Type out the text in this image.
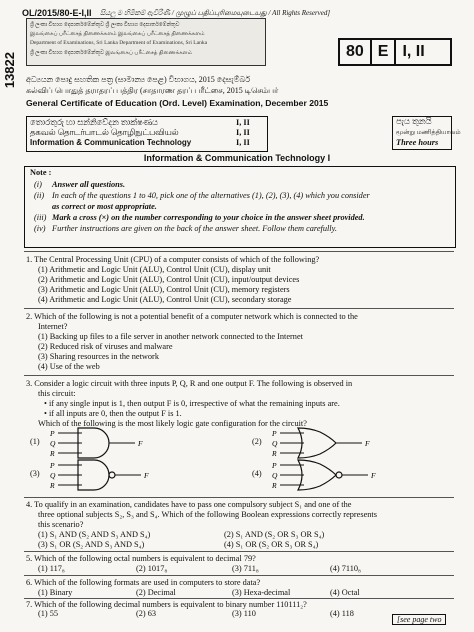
OL/2015/80-E-I,II සියලු ම හිමිකම් ඇවිරිණි / முழுப் பதிப்புரிமையுடையது / All Rights Reserved]
13822
ශ්‍රී ලංකා විභාග දෙපාර්තමේන්තුව ශ්‍රී ලංකා විභාග දෙපාර්තමේන්තුව
இலங்கைப் பரீட்சைத் திணைக்களம் இலங்கைப் பரீட்சைத் திணைக்களம்
Department of Examinations, Sri Lanka Department of Examinations, Sri Lanka
ශ්‍රී ලංකා විභාග දෙපාර්තමේන්තුව இலங்கைப் பரீட்சைத் திணைக்களம்	80 E I, II
අධ්‍යයන පොදු සහතික පත්‍ර (සාමාන්‍ය පෙළ) විභාගය, 2015 දෙසැම්බර්
கல்விப் பொதுத் தராதரப் பத்திர (சாதாரண தரப் பரீட்சை, 2015 டிசெம்பர்
General Certificate of Education (Ord. Level) Examination, December 2015
තොරතුරු හා සන්නිවේදන තාක්ෂණය	I, II
தகவல் தொடர்பாடல் தொழிநுட்பவியல்	I, II
Information & Communication Technology	I, II
පැය තුනයි
மூன்று மணித்தியாலம்
Three hours
Information & Communication Technology I
Note :
(i) Answer all questions.
(ii) In each of the questions 1 to 40, pick one of the alternatives (1), (2), (3), (4) which you consider
as correct or most appropriate.
(iii) Mark a cross (×) on the number corresponding to your choice in the answer sheet provided.
(iv) Further instructions are given on the back of the answer sheet. Follow them carefully.
1. The Central Processing Unit (CPU) of a computer consists of which of the following?
(1) Arithmetic and Logic Unit (ALU), Control Unit (CU), display unit
(2) Arithmetic and Logic Unit (ALU), Control Unit (CU), input/output devices
(3) Arithmetic and Logic Unit (ALU), Control Unit (CU), memory registers
(4) Arithmetic and Logic Unit (ALU), Control Unit (CU), secondary storage
2. Which of the following is not a potential benefit of a computer network which is connected to the
Internet?
(1) Backing up files to a file server in another network connected to the Internet
(2) Reduced risk of viruses and malware
(3) Sharing resources in the network
(4) Use of the web
3. Consider a logic circuit with three inputs P, Q, R and one output F. The following is observed in
this circuit:
• if any single input is 1, then output F is 0, irrespective of what the remaining inputs are.
• if all inputs are 0, then the output F is 1.
Which of the following is the most likely logic gate configuration for the circuit?
(1)	(2)
(3)	(4)
P
Q
R
F
P
Q
R
F
P
Q
R
F
P
Q
R
F
4. To qualify in an examination, candidates have to pass one compulsory subject S₁ and one of the
three optional subjects S₂, S₃ and S₄. Which of the following Boolean expressions correctly represents
this scenario?
(1) S₁ AND (S₂ AND S₃ AND S₄)	(2) S₁ AND (S₂ OR S₃ OR S₄)
(3) S₁ OR (S₂ AND S₃ AND S₄)	(4) S₁ OR (S₂ OR S₃ OR S₄)
5. Which of the following octal numbers is equivalent to decimal 79?
(1) 117₈	(2) 1017₈	(3) 711₈	(4) 7110₈
6. Which of the following formats are used in computers to store data?
(1) Binary	(2) Decimal	(3) Hexa-decimal	(4) Octal
7. Which of the following decimal numbers is equivalent to binary number 110111₂?
(1) 55	(2) 63	(3) 110	(4) 118
[see page two
